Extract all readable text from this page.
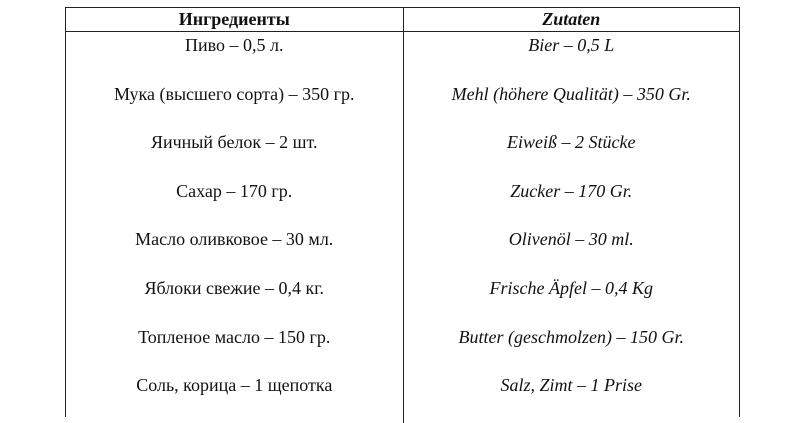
Ингредиенты	Zutaten
Пиво – 0,5 л.	Bier – 0,5 L
Мука (высшего сорта) – 350 гр.	Mehl (höhere Qualität) – 350 Gr.
Яичный белок – 2 шт.	Eiweiß – 2 Stücke
Сахар – 170 гр.	Zucker – 170 Gr.
Масло оливковое – 30 мл.	Olivenöl – 30 ml.
Яблоки свежие – 0,4 кг.	Frische Äpfel – 0,4 Kg
Топленое масло – 150 гр.	Butter (geschmolzen) – 150 Gr.
Соль, корица – 1 щепотка	Salz, Zimt – 1 Prise
